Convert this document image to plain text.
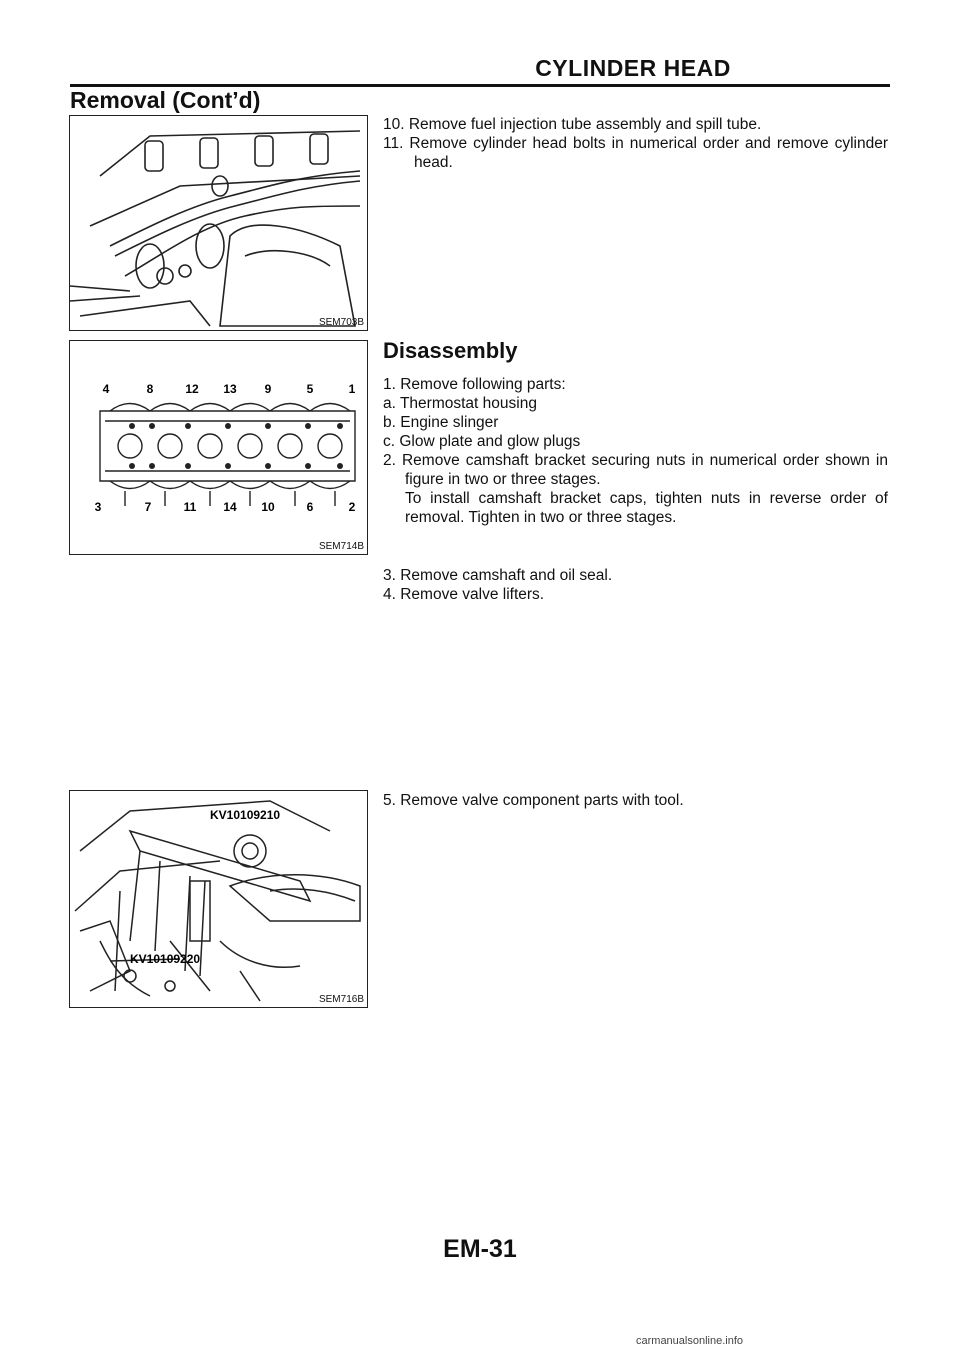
CYLINDER HEAD
Removal (Cont’d)
SEM703B
4	8	12 13 9	5	1
3	7	11 14 10	6	2
SEM714B
KV10109210
KV10109220
SEM716B

10. Remove fuel injection tube assembly and spill tube.

11. Remove cylinder head bolts in numerical order and remove cylinder head.

Disassembly

1. Remove following parts:

a. Thermostat housing

b. Engine slinger

c. Glow plate and glow plugs

2. Remove camshaft bracket securing nuts in numerical order shown in figure in two or three stages.

To install camshaft bracket caps, tighten nuts in reverse order of removal. Tighten in two or three stages.

3. Remove camshaft and oil seal.

4. Remove valve lifters.

5. Remove valve component parts with tool.

EM-31
carmanualsonline.info
